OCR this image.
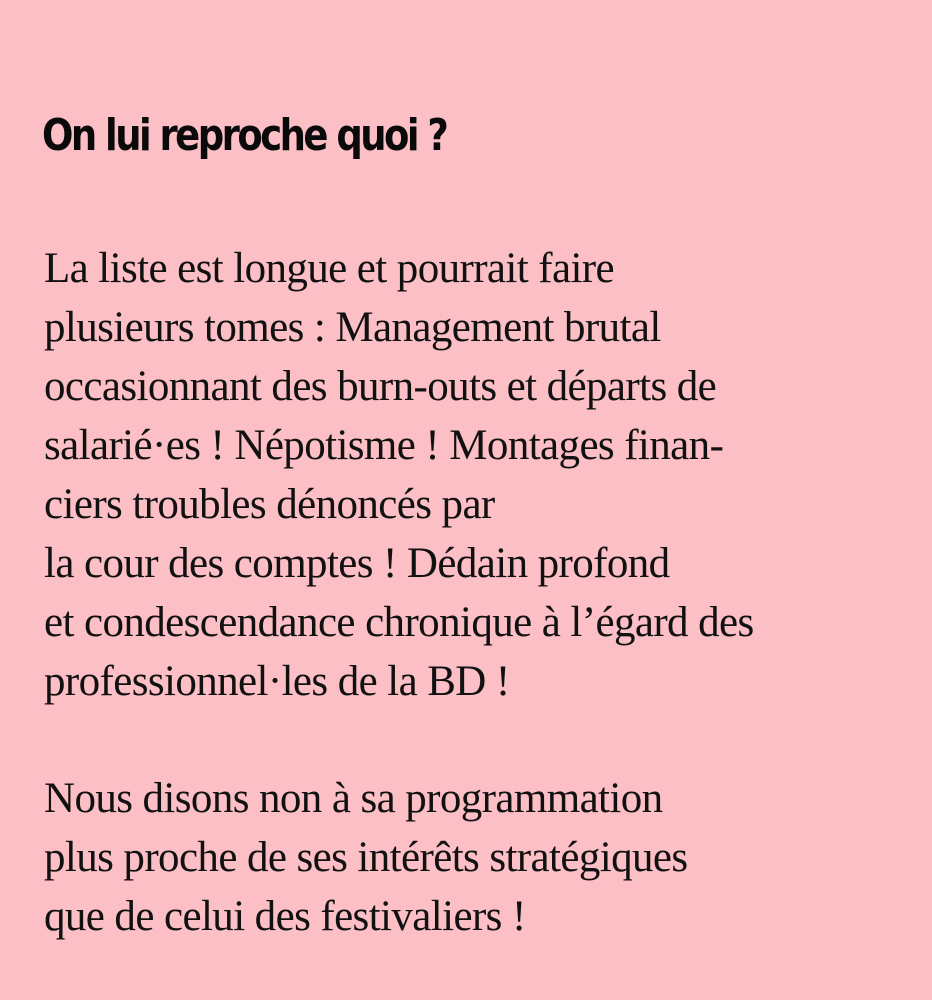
On lui reproche quoi ?

La liste est longue et pourrait faire
plusieurs tomes : Management brutal
occasionnant des burn-outs et départs de
salarié·es ! Népotisme ! Montages finan-
ciers troubles dénoncés par
la cour des comptes ! Dédain profond
et condescendance chronique à l’égard des
professionnel·les de la BD !

Nous disons non à sa programmation
plus proche de ses intérêts stratégiques
que de celui des festivaliers !
